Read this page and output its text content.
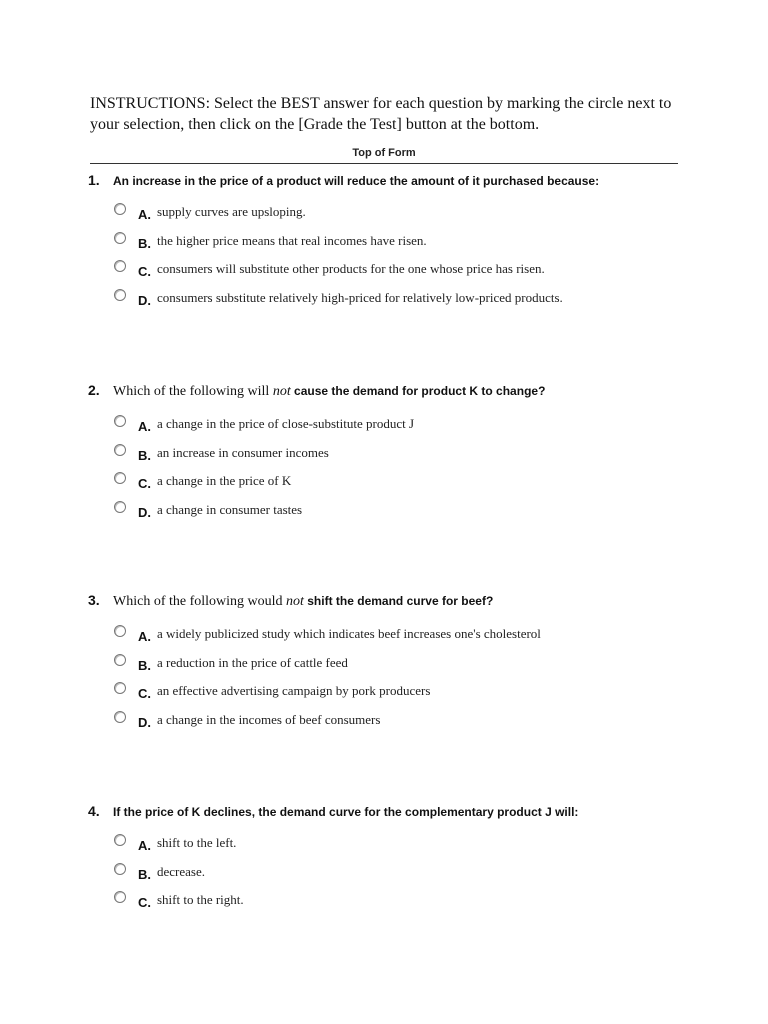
INSTRUCTIONS: Select the BEST answer for each question by marking the circle next to your selection, then click on the [Grade the Test] button at the bottom.
Top of Form
1.	An increase in the price of a product will reduce the amount of it purchased because:
A. supply curves are upsloping.
B. the higher price means that real incomes have risen.
C. consumers will substitute other products for the one whose price has risen.
D. consumers substitute relatively high-priced for relatively low-priced products.
2. Which of the following will not cause the demand for product K to change?
A. a change in the price of close-substitute product J
B. an increase in consumer incomes
C. a change in the price of K
D. a change in consumer tastes
3. Which of the following would not shift the demand curve for beef?
A. a widely publicized study which indicates beef increases one's cholesterol
B. a reduction in the price of cattle feed
C. an effective advertising campaign by pork producers
D. a change in the incomes of beef consumers
4.	If the price of K declines, the demand curve for the complementary product J will:
A. shift to the left.
B. decrease.
C. shift to the right.
